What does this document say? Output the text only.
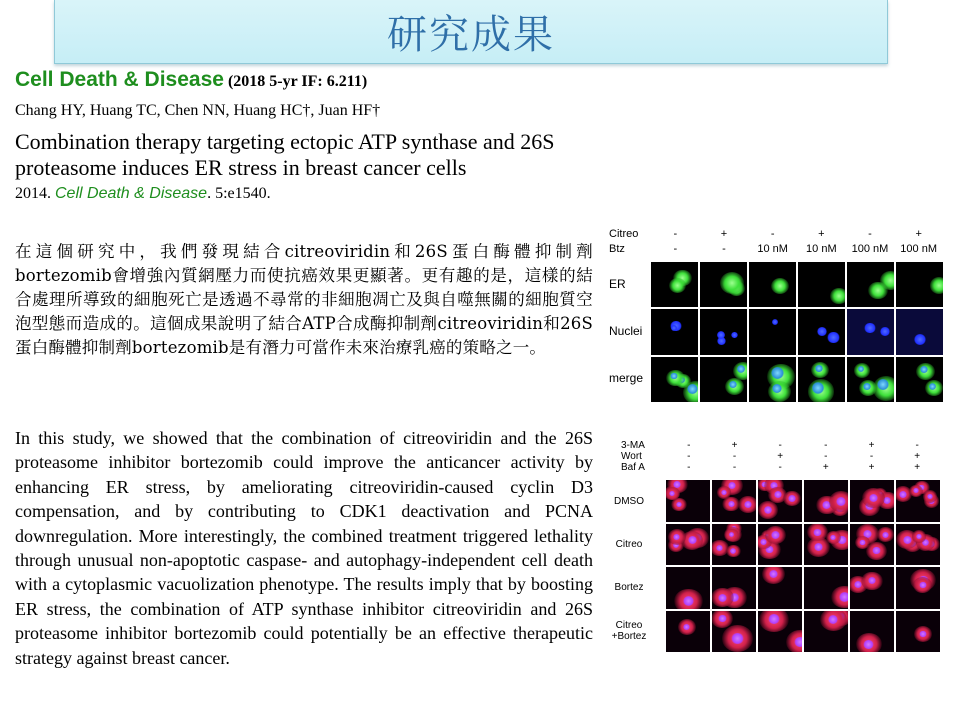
研究成果
Cell Death & Disease (2018 5-yr IF: 6.211)
Chang HY, Huang TC, Chen NN, Huang HC†, Juan HF†
Combination therapy targeting ectopic ATP synthase and 26S proteasome induces ER stress in breast cancer cells
2014. Cell Death & Disease. 5:e1540.
在這個研究中，我們發現結合citreoviridin和26S蛋白酶體抑制劑bortezomib會增強內質網壓力而使抗癌效果更顯著。更有趣的是，這樣的結合處理所導致的細胞死亡是透過不尋常的非細胞凋亡及與自噬無關的細胞質空泡型態而造成的。這個成果說明了結合ATP合成酶抑制劑citreoviridin和26S蛋白酶體抑制劑bortezomib是有潛力可當作未來治療乳癌的策略之一。
In this study, we showed that the combination of citreoviridin and the 26S proteasome inhibitor bortezomib could improve the anticancer activity by enhancing ER stress, by ameliorating citreoviridin-caused cyclin D3 compensation, and by contributing to CDK1 deactivation and PCNA downregulation. More interestingly, the combined treatment triggered lethality through unusual non-apoptotic caspase- and autophagy-independent cell death with a cytoplasmic vacuolization phenotype. The results imply that by boosting ER stress, the combination of ATP synthase inhibitor citreoviridin and 26S proteasome inhibitor bortezomib could potentially be an effective therapeutic strategy against breast cancer.
Citreo	-	+	-	+	-	+
Btz	-	-	10 nM	10 nM	100 nM	100 nM
ER
Nuclei
merge
3-MA	-	+	-	-	+	-
Wort	-	-	+	-	-	+
Baf A	-	-	-	+	+	+
DMSO
Citreo
Bortez
Citreo
+Bortez
